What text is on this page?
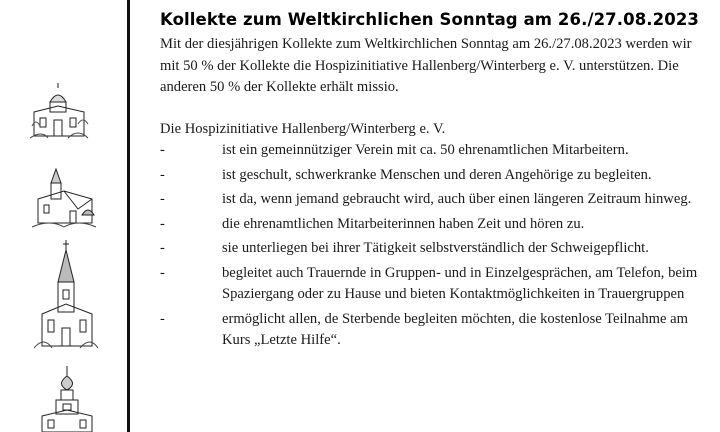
Kollekte zum Weltkirchlichen Sonntag am 26./27.08.2023

Mit der diesjährigen Kollekte zum Weltkirchlichen Sonntag am 26./27.08.2023 werden wir mit 50 % der Kollekte die Hospizinitiative Hallenberg/Winterberg e. V. unterstützen. Die anderen 50 % der Kollekte erhält missio.

Die Hospizinitiative Hallenberg/Winterberg e. V.

-	ist ein gemeinnütziger Verein mit ca. 50 ehrenamtlichen Mitarbeitern.
-	ist geschult, schwerkranke Menschen und deren Angehörige zu begleiten.
-	ist da, wenn jemand gebraucht wird, auch über einen längeren Zeitraum hinweg.
-	die ehrenamtlichen Mitarbeiterinnen haben Zeit und hören zu.
-	sie unterliegen bei ihrer Tätigkeit selbstverständlich der Schweigepflicht.
-	begleitet auch Trauernde in Gruppen- und in Einzelgesprächen, am Telefon, beim Spaziergang oder zu Hause und bieten Kontaktmöglichkeiten in Trauergruppen
-	ermöglicht allen, de Sterbende begleiten möchten, die kostenlose Teilnahme am Kurs „Letzte Hilfe“.
